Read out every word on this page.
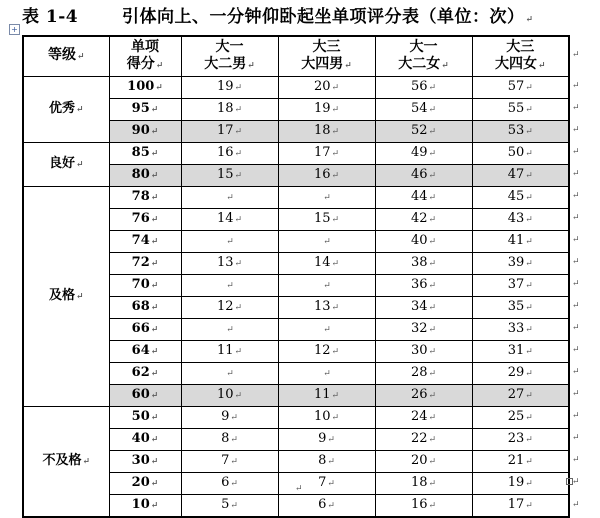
表 1-4	引体向上、一分钟仰卧起坐单项评分表（单位：次）↵
+
等级↵	单项
得分↵	大一
大二男↵	大三
大四男↵	大一
大二女↵	大三
大四女↵

优秀↵	100↵	19↵	20↵	56↵	57↵
	95↵	18↵	19↵	54↵	55↵
	90↵	17↵	18↵	52↵	53↵
良好↵	85↵	16↵	17↵	49↵	50↵
	80↵	15↵	16↵	46↵	47↵
及格↵	78↵	↵	↵	44↵	45↵
	76↵	14↵	15↵	42↵	43↵
	74↵	↵	↵	40↵	41↵
	72↵	13↵	14↵	38↵	39↵
	70↵	↵	↵	36↵	37↵
	68↵	12↵	13↵	34↵	35↵
	66↵	↵	↵	32↵	33↵
	64↵	11↵	12↵	30↵	31↵
	62↵	↵	↵	28↵	29↵
	60↵	10↵	11↵	26↵	27↵
不及格↵	50↵	9↵	10↵	24↵	25↵
	40↵	8↵	9↵	22↵	23↵
	30↵	7↵	8↵	20↵	21↵
	20↵	6↵	7↵	18↵	19↵
	10↵	5↵	6↵	16↵	17↵
↵
↵
↵
↵
↵
↵
↵
↵
↵
↵
↵
↵
↵
↵
↵
↵
↵
↵
↵
↵
↵
↵
